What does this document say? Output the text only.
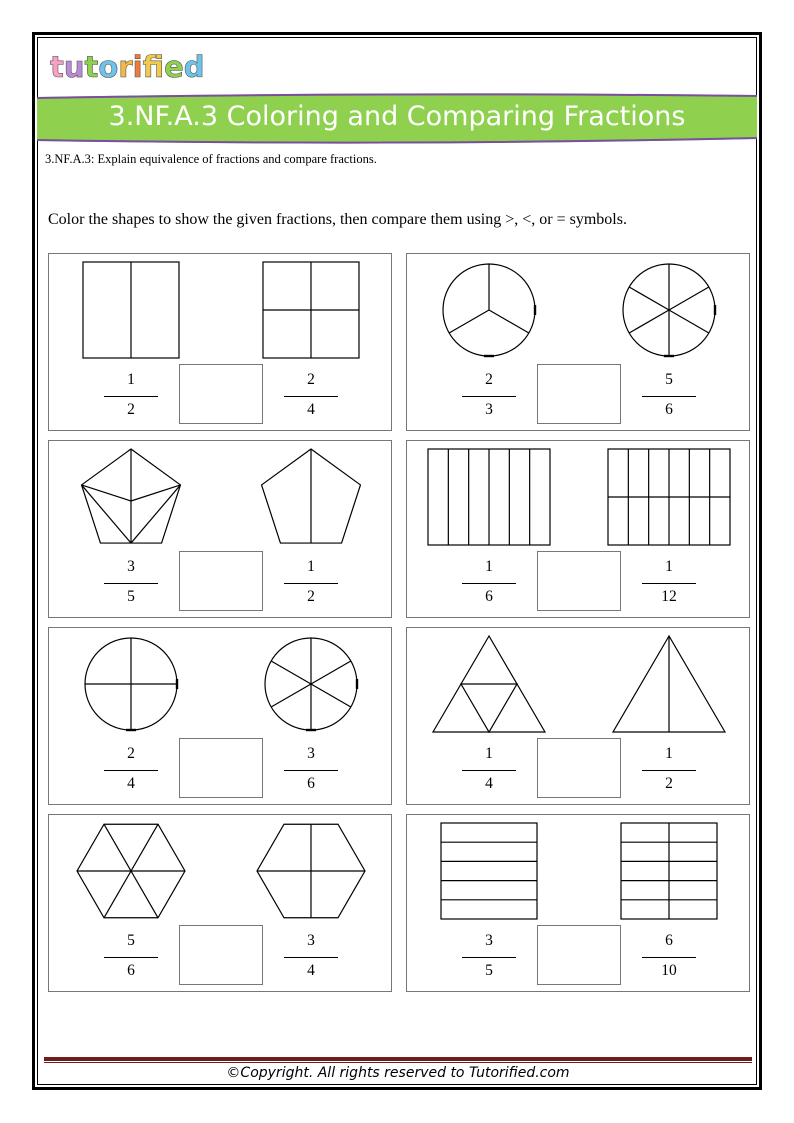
tutorifed
3.NF.A.3 Coloring and Comparing Fractions
3.NF.A.3: Explain equivalence of fractions and compare fractions.
Color the shapes to show the given fractions, then compare them using >, <, or = symbols.
1
2
2
4
2
3
5
6
3
5
1
2
1
6
1
12
2
4
3
6
1
4
1
2
5
6
3
4
3
5
6
10
©Copyright. All rights reserved to Tutorified.com
